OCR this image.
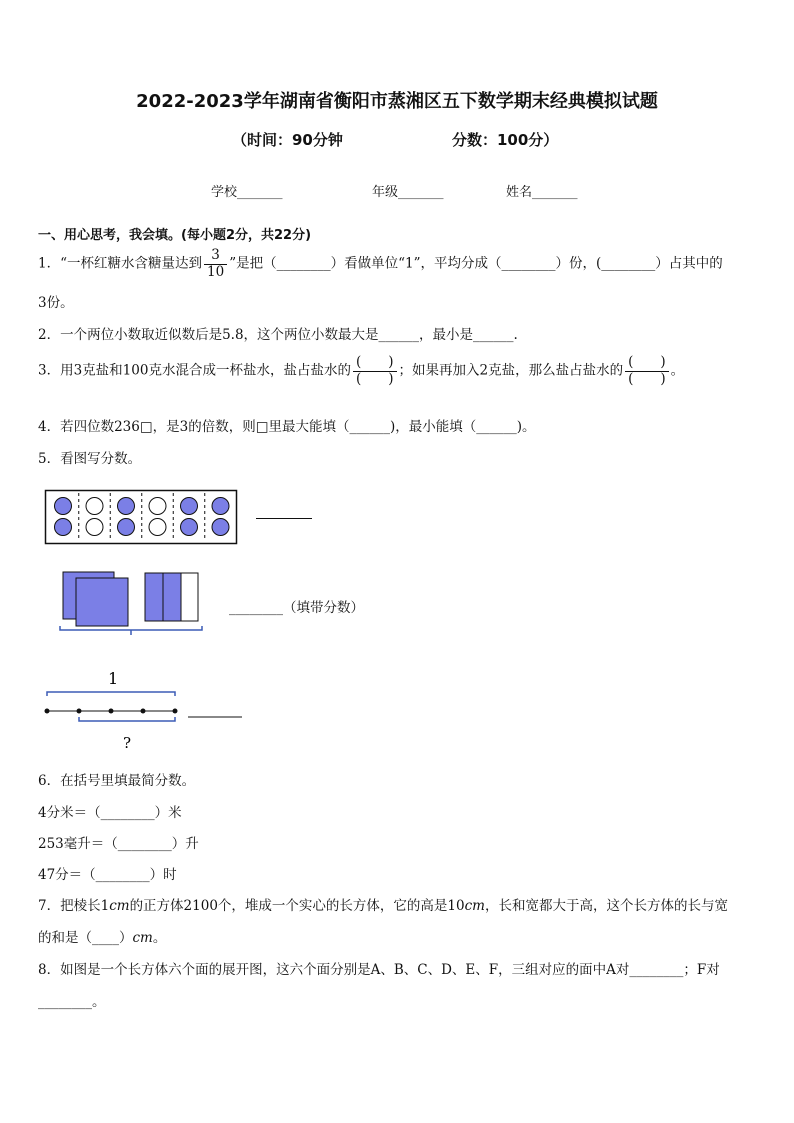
2022-2023学年湖南省衡阳市蒸湘区五下数学期末经典模拟试题
（时间：90分钟	分数：100分）
学校_______	年级_______	姓名_______
一、用心思考，我会填。(每小题2分，共22分)
1．“一杯红糖水含糖量达到 $\frac{3}{10}$ ”是把（________）看做单位“1”，平均分成（________）份，(________）占其中的
3份。
2．一个两位小数取近似数后是5.8，这个两位小数最大是______，最小是______.
3．用3克盐和100克水混合成一杯盐水，盐占盐水的 $\frac{( )}{( )}$ ；如果再加入2克盐，那么盐占盐水的 $\frac{( )}{( )}$ 。
4．若四位数236□，是3的倍数，则□里最大能填（______)，最小能填（______)。
5．看图写分数。
________（填带分数）
1
?
6．在括号里填最简分数。
4分米＝（________）米
253毫升＝（________）升
47分＝（________）时
7．把棱长1cm的正方体2100个，堆成一个实心的长方体，它的高是10cm，长和宽都大于高，这个长方体的长与宽
的和是（____）cm。
8．如图是一个长方体六个面的展开图，这六个面分别是A、B、C、D、E、F，三组对应的面中A对________；F对
________。
